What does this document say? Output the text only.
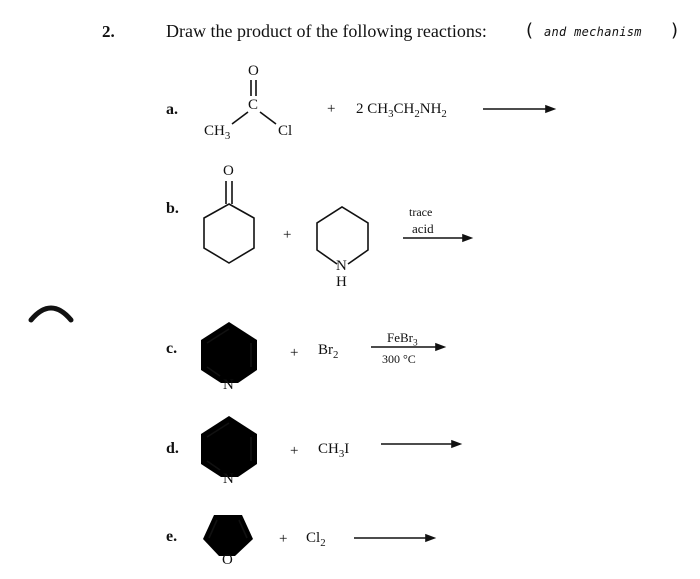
2.	Draw the product of the following reactions: ( and mechanism )
a.
O
C
$CH_3$	Cl
+ 2 $CH_3CH_2NH_2$
b.
O
+
N
H
trace
acid
c.
N
+ $Br_2$
FeBr$_3$
300 °C
d.
N
+ $CH_3I$
e.
O
+ $Cl_2$
